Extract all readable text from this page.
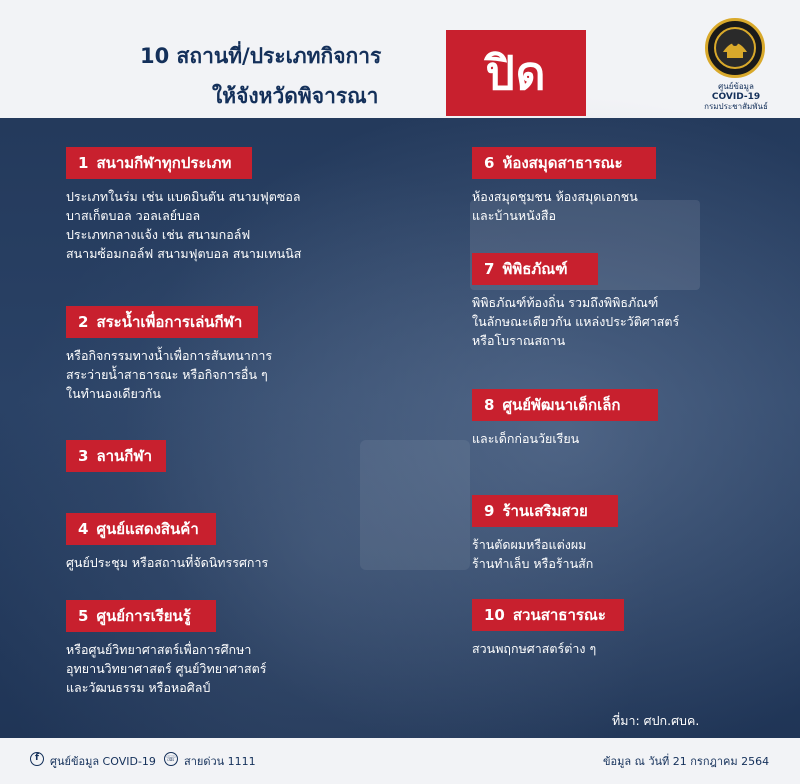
10 สถานที่/ประเภทกิจการ
ให้จังหวัดพิจารณา	ปิด	ศูนย์ข้อมูล
COVID-19
กรมประชาสัมพันธ์
1 สนามกีฬาทุกประเภท
ประเภทในร่ม เช่น แบดมินตัน สนามฟุตซอล
บาสเก็ตบอล วอลเลย์บอล
ประเภทกลางแจ้ง เช่น สนามกอล์ฟ
สนามซ้อมกอล์ฟ สนามฟุตบอล สนามเทนนิส
2 สระน้ำเพื่อการเล่นกีฬา
หรือกิจกรรมทางน้ำเพื่อการสันทนาการ
สระว่ายน้ำสาธารณะ หรือกิจการอื่น ๆ
ในทำนองเดียวกัน
3 ลานกีฬา
4 ศูนย์แสดงสินค้า
ศูนย์ประชุม หรือสถานที่จัดนิทรรศการ
5 ศูนย์การเรียนรู้
หรือศูนย์วิทยาศาสตร์เพื่อการศึกษา
อุทยานวิทยาศาสตร์ ศูนย์วิทยาศาสตร์
และวัฒนธรรม หรือหอศิลป์
6 ห้องสมุดสาธารณะ
ห้องสมุดชุมชน ห้องสมุดเอกชน
และบ้านหนังสือ
7 พิพิธภัณฑ์
พิพิธภัณฑ์ท้องถิ่น รวมถึงพิพิธภัณฑ์
ในลักษณะเดียวกัน แหล่งประวัติศาสตร์
หรือโบราณสถาน
8 ศูนย์พัฒนาเด็กเล็ก
และเด็กก่อนวัยเรียน
9 ร้านเสริมสวย
ร้านตัดผมหรือแต่งผม
ร้านทำเล็บ หรือร้านสัก
10 สวนสาธารณะ
สวนพฤกษศาสตร์ต่าง ๆ
ที่มา: ศปก.ศบค.
f	ศูนย์ข้อมูล COVID-19 ☏ สายด่วน 1111	ข้อมูล ณ วันที่ 21 กรกฎาคม 2564
